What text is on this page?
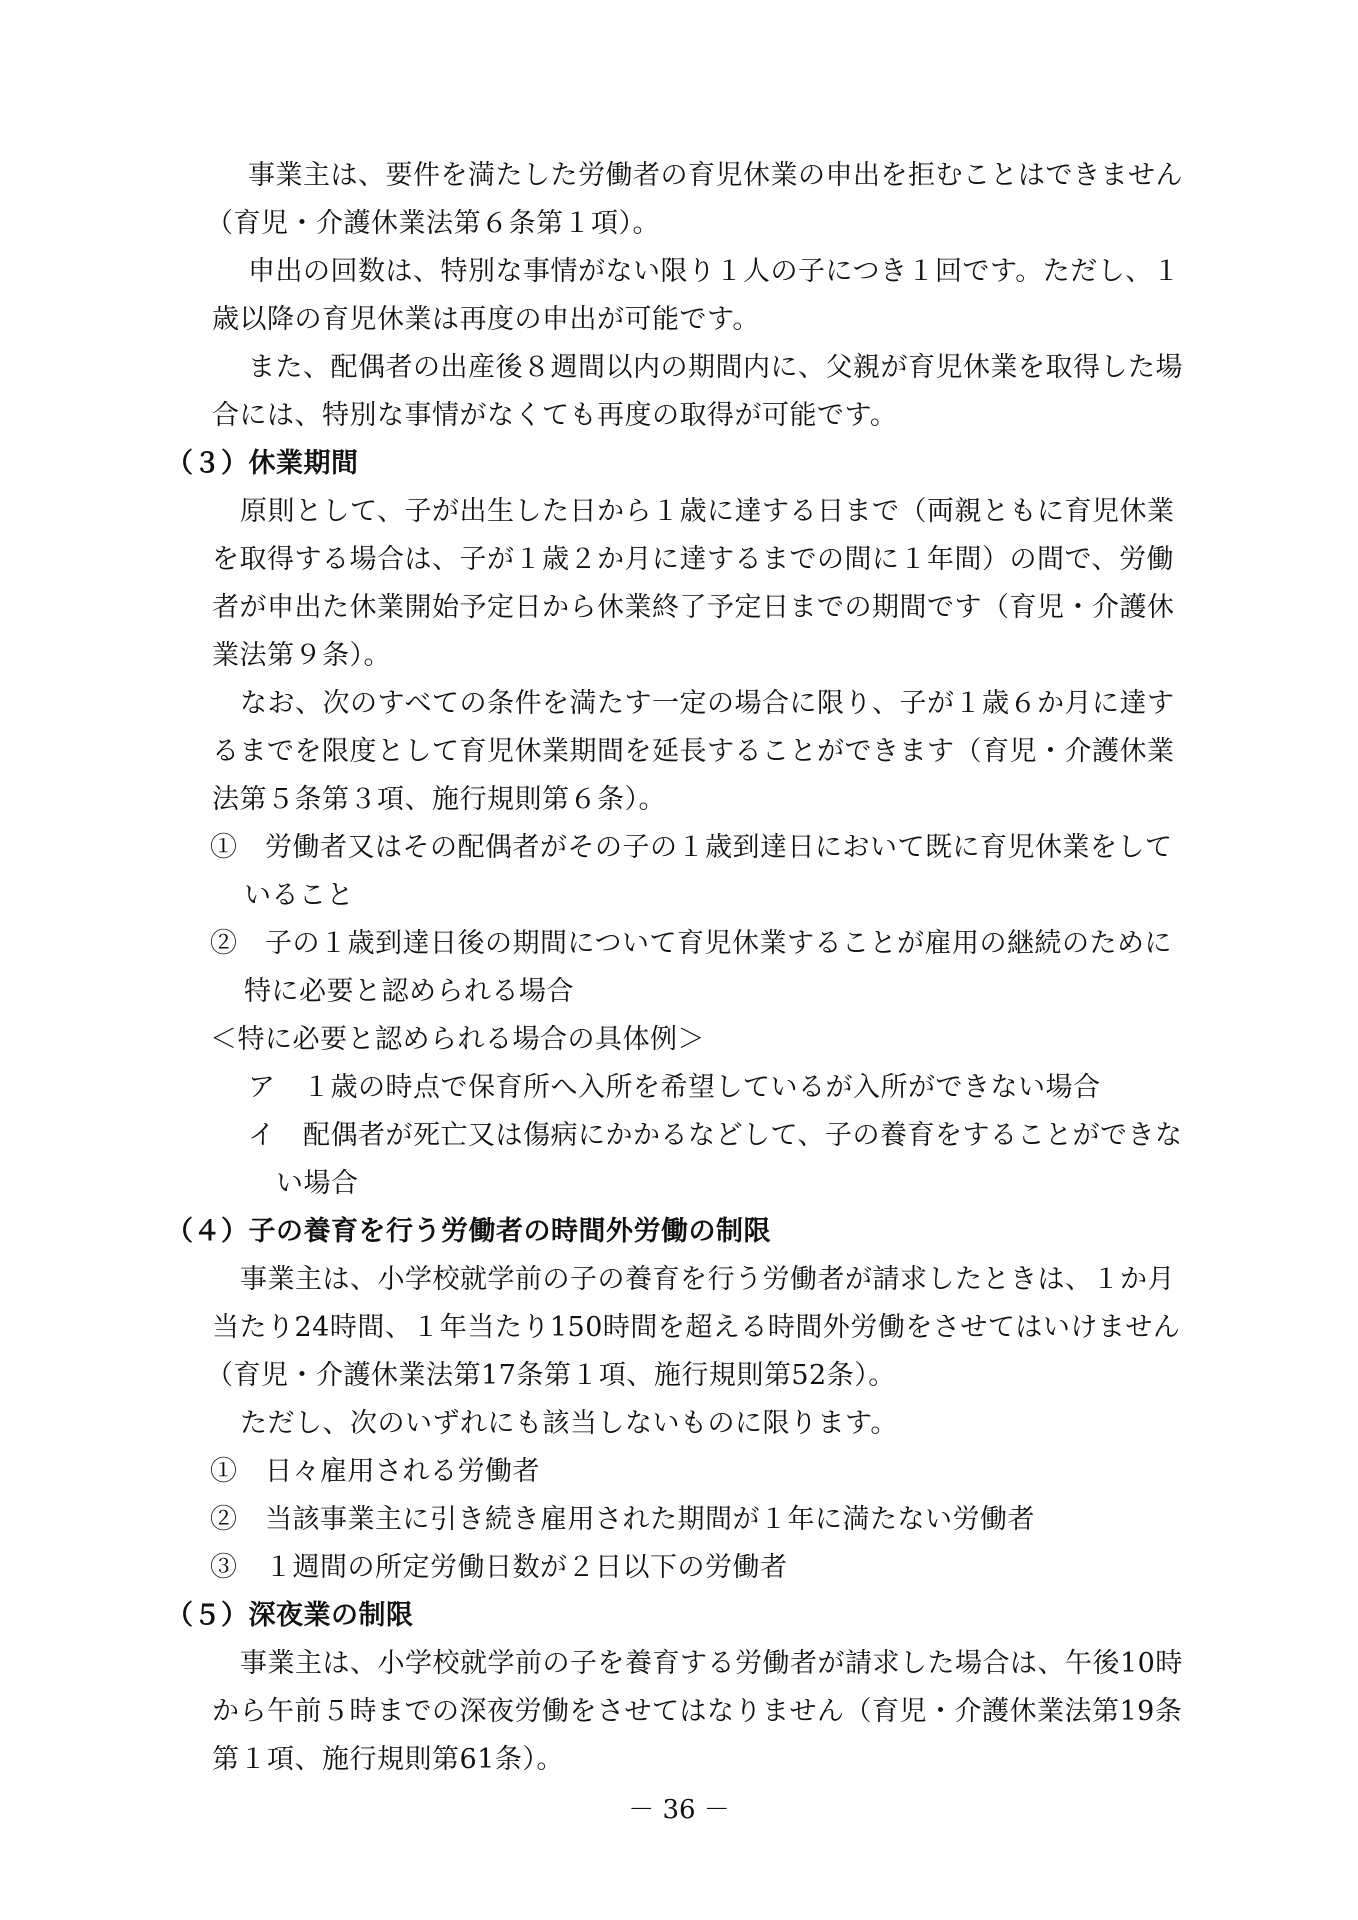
事業主は、要件を満たした労働者の育児休業の申出を拒むことはできません

（育児・介護休業法第６条第１項）。

申出の回数は、特別な事情がない限り１人の子につき１回です。ただし、１

歳以降の育児休業は再度の申出が可能です。

また、配偶者の出産後８週間以内の期間内に、父親が育児休業を取得した場

合には、特別な事情がなくても再度の取得が可能です。

（３）休業期間

原則として、子が出生した日から１歳に達する日まで（両親ともに育児休業

を取得する場合は、子が１歳２か月に達するまでの間に１年間）の間で、労働

者が申出た休業開始予定日から休業終了予定日までの期間です（育児・介護休

業法第９条）。

なお、次のすべての条件を満たす一定の場合に限り、子が１歳６か月に達す

るまでを限度として育児休業期間を延長することができます（育児・介護休業

法第５条第３項、施行規則第６条）。

①　労働者又はその配偶者がその子の１歳到達日において既に育児休業をして

いること

②　子の１歳到達日後の期間について育児休業することが雇用の継続のために

特に必要と認められる場合

＜特に必要と認められる場合の具体例＞

ア　１歳の時点で保育所へ入所を希望しているが入所ができない場合

イ　配偶者が死亡又は傷病にかかるなどして、子の養育をすることができな

い場合

（４）子の養育を行う労働者の時間外労働の制限

事業主は、小学校就学前の子の養育を行う労働者が請求したときは、１か月

当たり24時間、１年当たり150時間を超える時間外労働をさせてはいけません

（育児・介護休業法第17条第１項、施行規則第52条）。

ただし、次のいずれにも該当しないものに限ります。

①　日々雇用される労働者

②　当該事業主に引き続き雇用された期間が１年に満たない労働者

③　１週間の所定労働日数が２日以下の労働者

（５）深夜業の制限

事業主は、小学校就学前の子を養育する労働者が請求した場合は、午後10時

から午前５時までの深夜労働をさせてはなりません（育児・介護休業法第19条

第１項、施行規則第61条）。

－ 36 －
